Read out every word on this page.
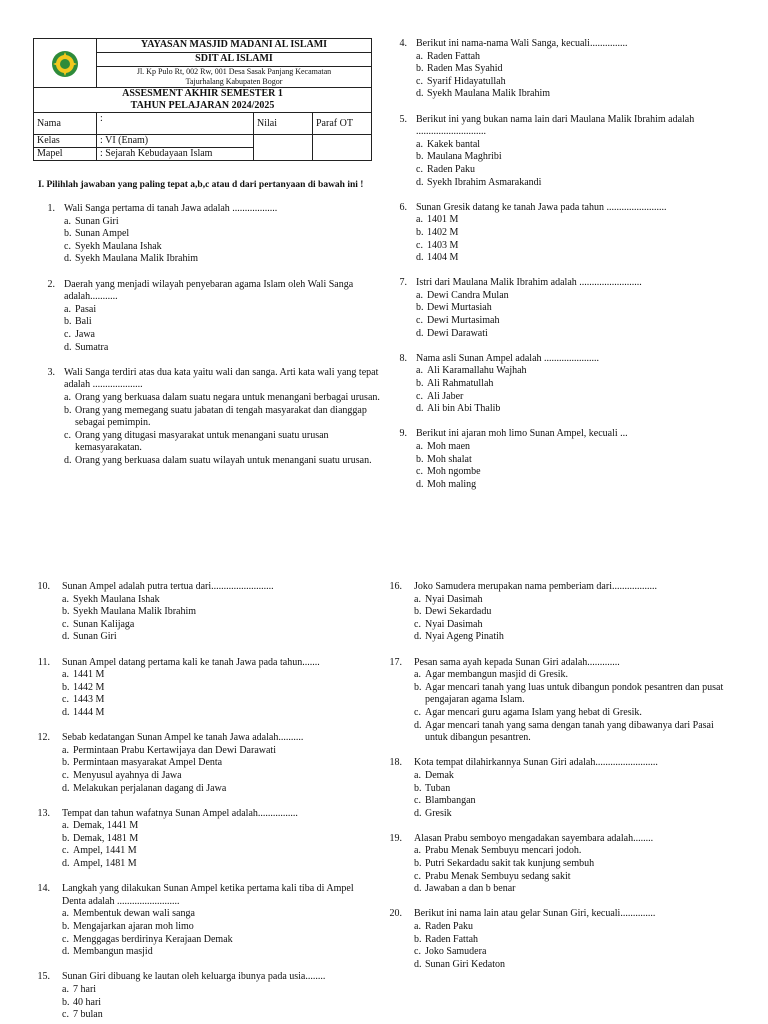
	YAYASAN MASJID MADANI AL ISLAMI		
	SDIT AL ISLAMI		

	Jl. Kp Pulo Rt, 002 Rw, 001 Desa Sasak Panjang Kecamatan
Tajurhalang Kabupaten Bogor		

ASSESMENT AKHIR SEMESTER 1
TAHUN PELAJARAN 2024/2025			

Nama	:	Nilai	Paraf OT
Kelas	: VI (Enam)		
Mapel	: Sejarah Kebudayaan Islam		
I. Pilihlah jawaban yang paling tepat a,b,c atau d dari pertanyaan di bawah ini !
1. Wali Sanga pertama di tanah Jawa adalah ..................
a. Sunan Giri
b. Sunan Ampel
c. Syekh Maulana Ishak
d. Syekh Maulana Malik Ibrahim
2. Daerah yang menjadi wilayah penyebaran agama Islam oleh Wali Sanga adalah...........
a. Pasai
b. Bali
c. Jawa
d. Sumatra
3. Wali Sanga terdiri atas dua kata yaitu wali dan sanga. Arti kata wali yang tepat adalah ....................
a. Orang yang berkuasa dalam suatu negara untuk menangani berbagai urusan.
b. Orang yang memegang suatu jabatan di tengah masyarakat dan dianggap sebagai pemimpin.
c. Orang yang ditugasi masyarakat untuk menangani suatu urusan kemasyarakatan.
d. Orang yang berkuasa dalam suatu wilayah untuk menangani suatu urusan.
4. Berikut ini nama-nama Wali Sanga, kecuali...............
a. Raden Fattah
b. Raden Mas Syahid
c. Syarif Hidayatullah
d. Syekh Maulana Malik Ibrahim
5. Berikut ini yang bukan nama lain dari Maulana Malik Ibrahim adalah ............................
a. Kakek bantal
b. Maulana Maghribi
c. Raden Paku
d. Syekh Ibrahim Asmarakandi
6. Sunan Gresik datang ke tanah Jawa pada tahun ........................
a. 1401 M
b. 1402 M
c. 1403 M
d. 1404 M
7. Istri dari Maulana Malik Ibrahim adalah .........................
a. Dewi Candra Mulan
b. Dewi Murtasiah
c. Dewi Murtasimah
d. Dewi Darawati
8. Nama asli Sunan Ampel adalah ......................
a. Ali Karamallahu Wajhah
b. Ali Rahmatullah
c. Ali Jaber
d. Ali bin Abi Thalib
9. Berikut ini ajaran moh limo Sunan Ampel, kecuali ...
a. Moh maen
b. Moh shalat
c. Moh ngombe
d. Moh maling
10.	Sunan Ampel adalah putra tertua dari.........................
a. Syekh Maulana Ishak
b. Syekh Maulana Malik Ibrahim
c. Sunan Kalijaga
d. Sunan Giri
11.	Sunan Ampel datang pertama kali ke tanah Jawa pada tahun.......
a. 1441 M
b. 1442 M
c. 1443 M
d. 1444 M
12.	Sebab kedatangan Sunan Ampel ke tanah Jawa adalah..........
a. Permintaan Prabu Kertawijaya dan Dewi Darawati
b. Permintaan masyarakat Ampel Denta
c. Menyusul ayahnya di Jawa
d. Melakukan perjalanan dagang di Jawa
13.	Tempat dan tahun wafatnya Sunan Ampel adalah................
a. Demak, 1441 M
b. Demak, 1481 M
c. Ampel, 1441 M
d. Ampel, 1481 M
14.	Langkah yang dilakukan Sunan Ampel ketika pertama kali tiba di Ampel Denta adalah .........................
a. Membentuk dewan wali sanga
b. Mengajarkan ajaran moh limo
c. Menggagas berdirinya Kerajaan Demak
d. Membangun masjid
15.	Sunan Giri dibuang ke lautan oleh keluarga ibunya pada usia........
a. 7 hari
b. 40 hari
c. 7 bulan
16.	Joko Samudera merupakan nama pemberiam dari..................
a. Nyai Dasimah
b. Dewi Sekardadu
c. Nyai Dasimah
d. Nyai Ageng Pinatih
17.	Pesan sama ayah kepada Sunan Giri adalah.............
a. Agar membangun masjid di Gresik.
b. Agar mencari tanah yang luas untuk dibangun pondok pesantren dan pusat pengajaran agama Islam.
c. Agar mencari guru agama Islam yang hebat di Gresik.
d. Agar mencari tanah yang sama dengan tanah yang dibawanya dari Pasai untuk dibangun pesantren.
18.	Kota tempat dilahirkannya Sunan Giri adalah.........................
a. Demak
b. Tuban
c. Blambangan
d. Gresik
19.	Alasan Prabu semboyo mengadakan sayembara adalah........
a. Prabu Menak Sembuyu mencari jodoh.
b. Putri Sekardadu sakit tak kunjung sembuh
c. Prabu Menak Sembuyu sedang sakit
d. Jawaban a dan b benar
20.	Berikut ini nama lain atau gelar Sunan Giri, kecuali..............
a. Raden Paku
b. Raden Fattah
c. Joko Samudera
d. Sunan Giri Kedaton
